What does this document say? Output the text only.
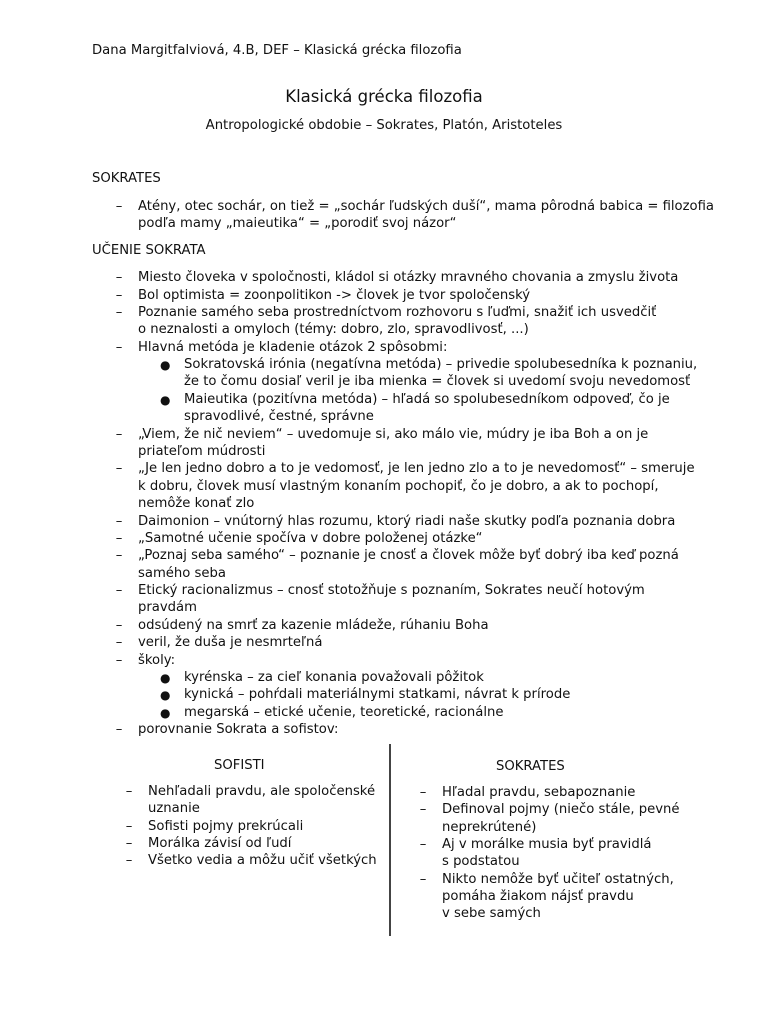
Dana Margitfalviová, 4.B, DEF – Klasická grécka filozofia
Klasická grécka filozofia
Antropologické obdobie – Sokrates, Platón, Aristoteles
SOKRATES
– Atény, otec sochár, on tiež = „sochár ľudských duší“, mama pôrodná babica = filozofia
podľa mamy „maieutika“ = „porodiť svoj názor“
UČENIE SOKRATA
– Miesto človeka v spoločnosti, kládol si otázky mravného chovania a zmyslu života
– Bol optimista = zoonpolitikon -> človek je tvor spoločenský
– Poznanie samého seba prostredníctvom rozhovoru s ľuďmi, snažiť ich usvedčiť
o neznalosti a omyloch (témy: dobro, zlo, spravodlivosť, ...)
– Hlavná metóda je kladenie otázok 2 spôsobmi:
● Sokratovská irónia (negatívna metóda) – privedie spolubesedníka k poznaniu,
že to čomu dosiaľ veril je iba mienka = človek si uvedomí svoju nevedomosť
● Maieutika (pozitívna metóda) – hľadá so spolubesedníkom odpoveď, čo je
spravodlivé, čestné, správne
– „Viem, že nič neviem“ – uvedomuje si, ako málo vie, múdry je iba Boh a on je
priateľom múdrosti
– „Je len jedno dobro a to je vedomosť, je len jedno zlo a to je nevedomosť“ – smeruje
k dobru, človek musí vlastným konaním pochopiť, čo je dobro, a ak to pochopí,
nemôže konať zlo
– Daimonion – vnútorný hlas rozumu, ktorý riadi naše skutky podľa poznania dobra
– „Samotné učenie spočíva v dobre položenej otázke“
– „Poznaj seba samého“ – poznanie je cnosť a človek môže byť dobrý iba keď pozná
samého seba
– Etický racionalizmus – cnosť stotožňuje s poznaním, Sokrates neučí hotovým
pravdám
– odsúdený na smrť za kazenie mládeže, rúhaniu Boha
– veril, že duša je nesmrteľná
– školy:
● kyrénska – za cieľ konania považovali pôžitok
● kynická – pohŕdali materiálnymi statkami, návrat k prírode
● megarská – etické učenie, teoretické, racionálne
– porovnanie Sokrata a sofistov:
SOFISTI	SOKRATES
– Nehľadali pravdu, ale spoločenské
uznanie
– Sofisti pojmy prekrúcali
– Morálka závisí od ľudí
– Všetko vedia a môžu učiť všetkých
– Hľadal pravdu, sebapoznanie
– Definoval pojmy (niečo stále, pevné
neprekrútené)
– Aj v morálke musia byť pravidlá
s podstatou
– Nikto nemôže byť učiteľ ostatných,
pomáha žiakom nájsť pravdu
v sebe samých
